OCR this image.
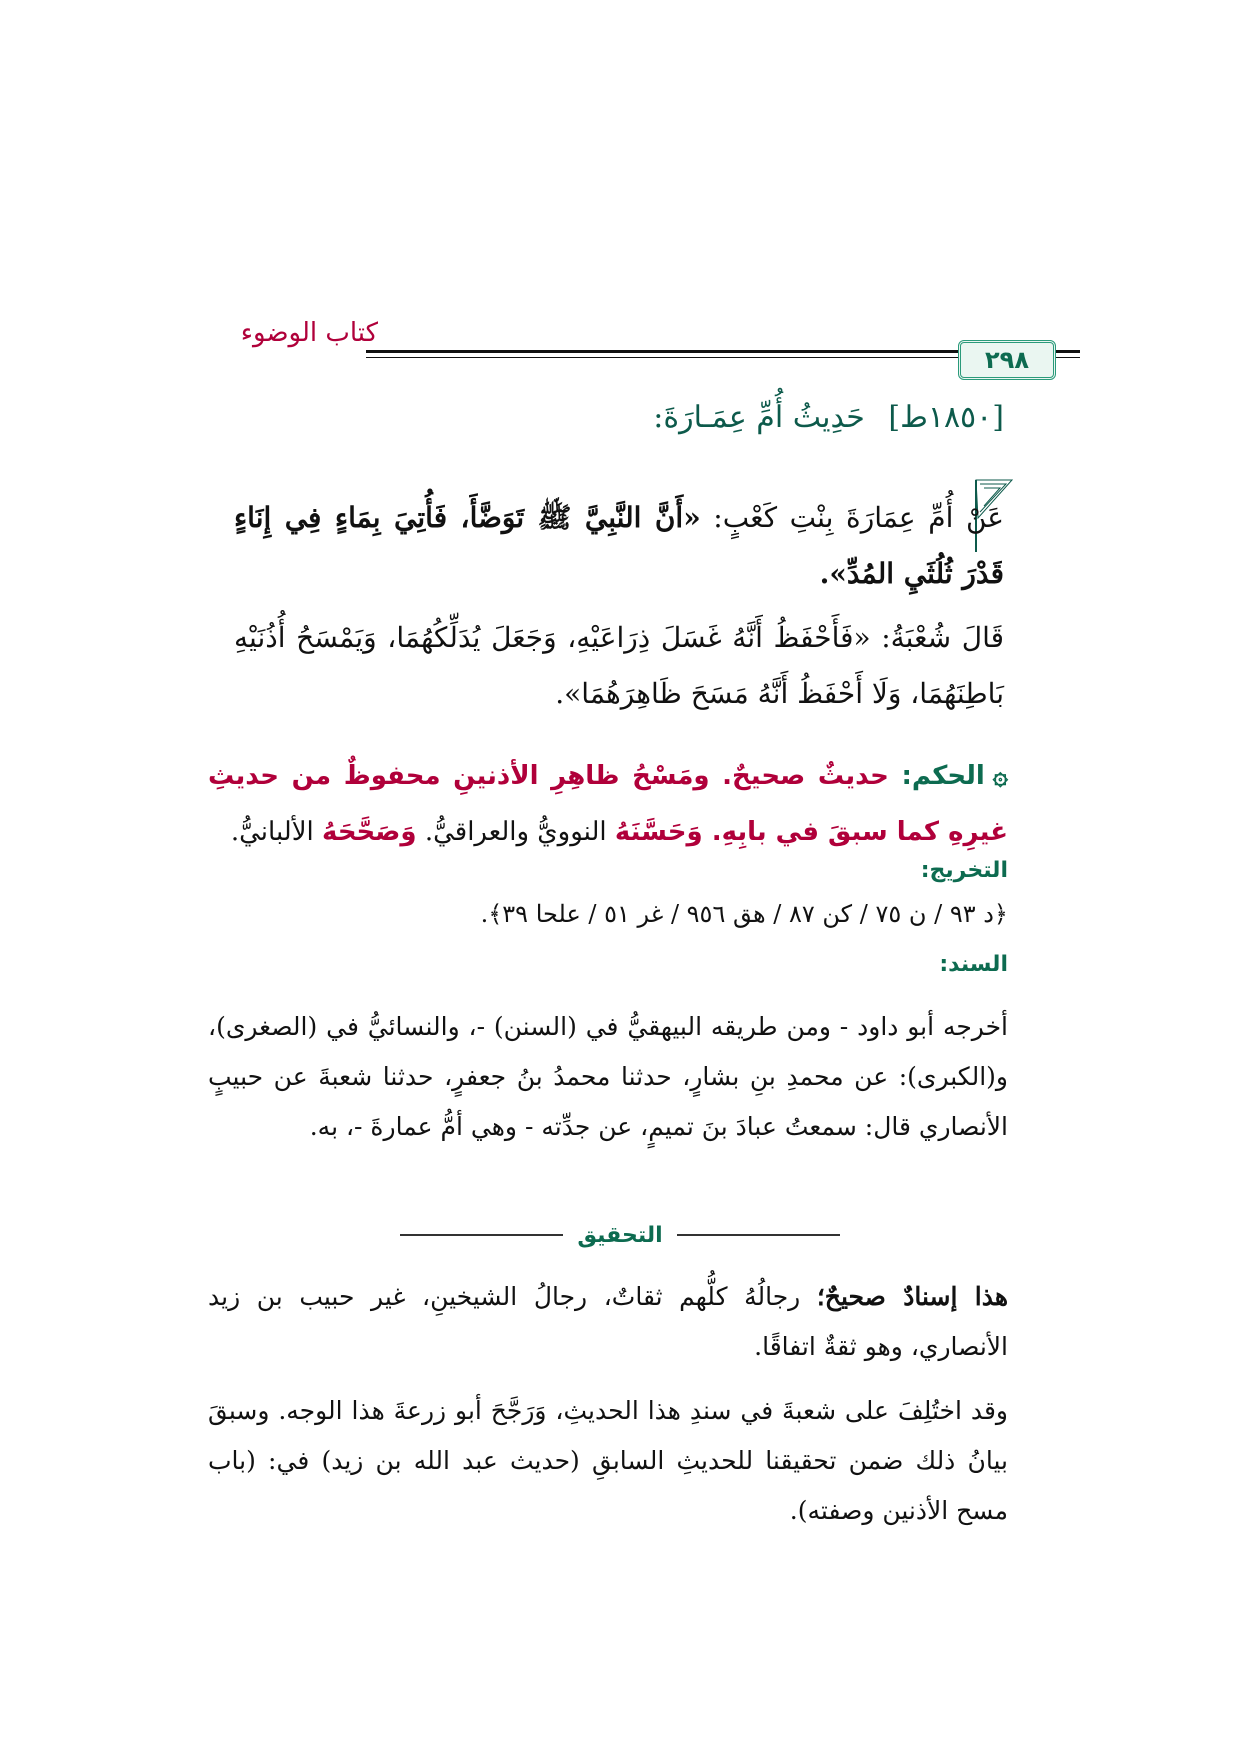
كتاب الوضوء
٢٩٨
[١٨٥٠ط] حَدِيثُ أُمِّ عِمَـارَةَ:
عَنْ أُمِّ عِمَارَةَ بِنْتِ كَعْبٍ: «أَنَّ النَّبِيَّ ﷺ تَوَضَّأَ، فَأُتِيَ بِمَاءٍ فِي إِنَاءٍ قَدْرَ ثُلُثَيِ المُدِّ».
قَالَ شُعْبَةُ: «فَأَحْفَظُ أَنَّهُ غَسَلَ ذِرَاعَيْهِ، وَجَعَلَ يُدَلِّكُهُمَا، وَيَمْسَحُ أُذُنَيْهِ بَاطِنَهُمَا، وَلَا أَحْفَظُ أَنَّهُ مَسَحَ ظَاهِرَهُمَا».
۞الحكم: حديثٌ صحيحٌ. ومَسْحُ ظاهِرِ الأذنينِ محفوظٌ من حديثِ غيرِهِ كما سبقَ في بابِهِ. وَحَسَّنَهُ النوويُّ والعراقيُّ. وَصَحَّحَهُ الألبانيُّ.
التخريج:
﴿د ٩٣ / ن ٧٥ / كن ٨٧ / هق ٩٥٦ / غر ٥١ / علحا ٣٩﴾.
السند:
أخرجه أبو داود - ومن طريقه البيهقيُّ في (السنن) -، والنسائيُّ في (الصغرى)، و(الكبرى): عن محمدِ بنِ بشارٍ، حدثنا محمدُ بنُ جعفرٍ، حدثنا شعبةَ عن حبيبٍ الأنصاري قال: سمعتُ عبادَ بنَ تميمٍ، عن جدِّته - وهي أمُّ عمارةَ -، به.
التحقيق
هذا إسنادٌ صحيحٌ؛ رجالُهُ كلُّهم ثقاتٌ، رجالُ الشيخينِ، غير حبيب بن زيد الأنصاري، وهو ثقةٌ اتفاقًا.
وقد اختُلِفَ على شعبةَ في سندِ هذا الحديثِ، وَرَجَّحَ أبو زرعةَ هذا الوجه. وسبقَ بيانُ ذلك ضمن تحقيقنا للحديثِ السابقِ (حديث عبد الله بن زيد) في: (باب مسح الأذنين وصفته).
